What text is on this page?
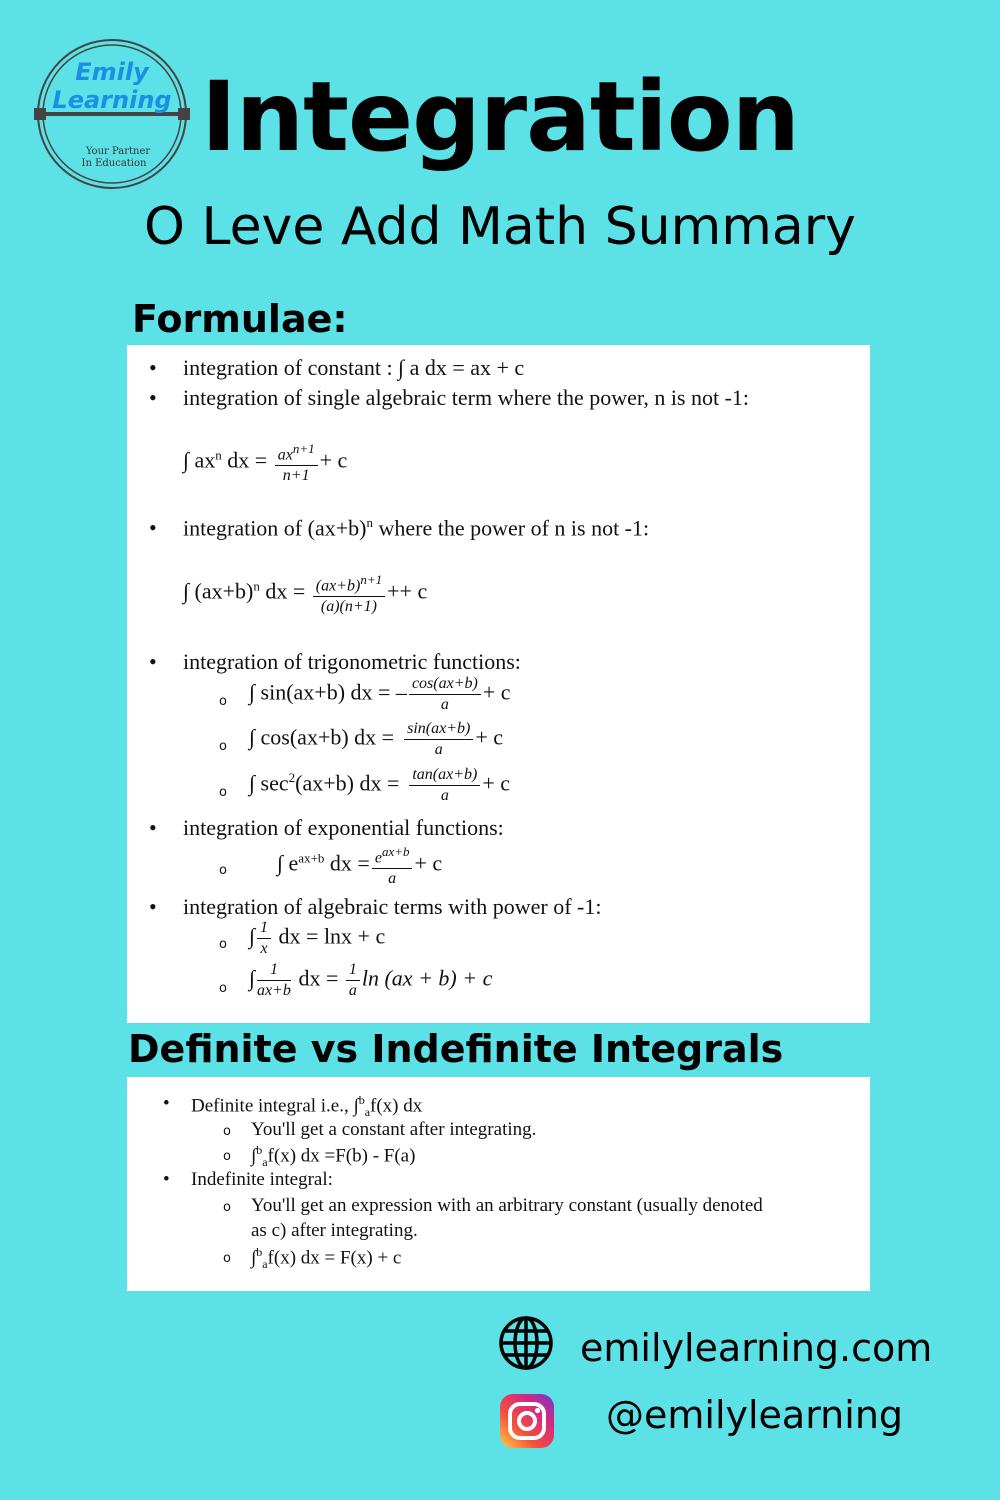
Emily
Learning
Your Partner
In Education Integration
O Leve Add Math Summary
Formulae:
• integration of constant : ∫ a dx = ax + c
• integration of single algebraic term where the power, n is not -1:
∫ $ax^n$ dx = $\frac{ax^{n+1}}{n+1} + c$
• integration of $(ax+b)^n$ where the power of n is not -1:
∫ $(ax+b)^n$ dx = $\frac{(ax+b)^{n+1}}{(a)(n+1)} ++ c$
• integration of trigonometric functions:
o ∫ sin(ax+b) dx = – $\frac{\cos(ax+b)}{a} + c$
o ∫ cos(ax+b) dx = $\frac{\sin(ax+b)}{a} + c$
o ∫ $\sec^2(ax+b)$ dx = $\frac{\tan(ax+b)}{a} + c$
• integration of exponential functions:
o ∫ $e^{ax+b}$ dx = $\frac{e^{ax+b}}{a} + c$
• integration of algebraic terms with power of -1:
o ∫ $\frac{1}{x}$ dx = lnx + c
o ∫ $\frac{1}{ax+b}$ dx = $\frac{1}{a}$ ln (ax + b) + c
Definite vs Indefinite Integrals
• Definite integral i.e., ∫$^b_a$f(x) dx
o You'll get a constant after integrating.
o ∫$^b_a$f(x) dx =F(b) - F(a)
• Indefinite integral:
o You'll get an expression with an arbitrary constant (usually denoted
as c) after integrating.
o ∫$^b_a$f(x) dx = F(x) + c
emilylearning.com
@emilylearning
